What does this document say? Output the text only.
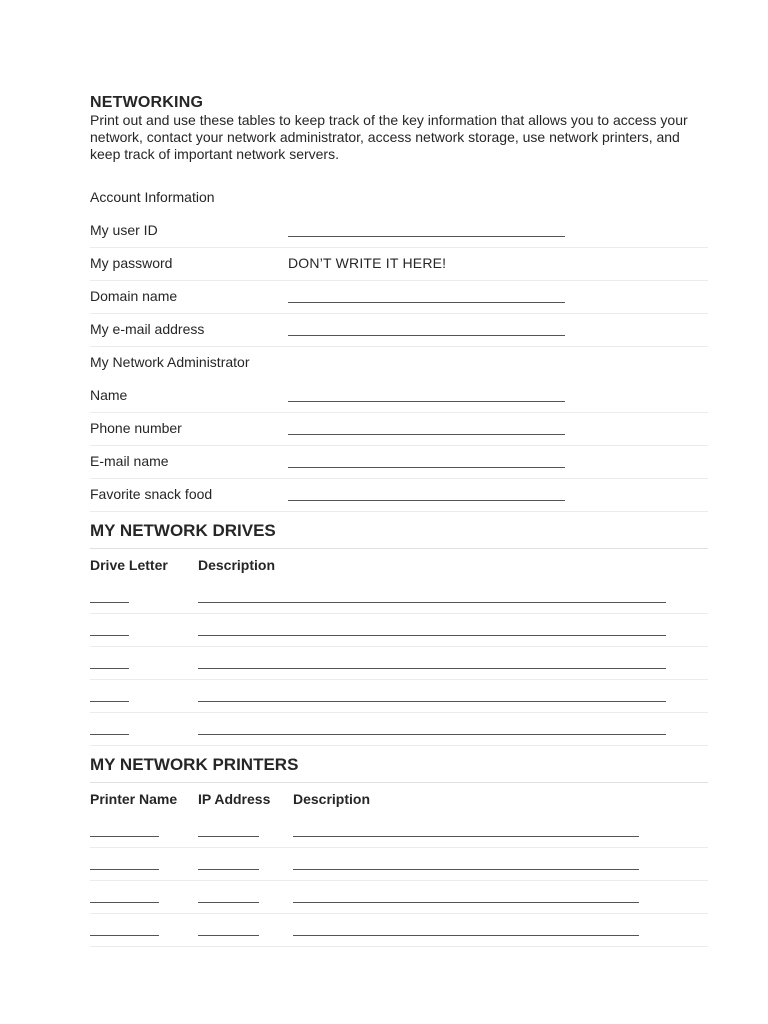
NETWORKING
Print out and use these tables to keep track of the key information that allows you to access your network, contact your network administrator, access network storage, use network printers, and keep track of important network servers.
Account Information
My user ID
My password	DON’T WRITE IT HERE!
Domain name
My e-mail address
My Network Administrator
Name
Phone number
E-mail name
Favorite snack food
MY NETWORK DRIVES
Drive Letter Description
MY NETWORK PRINTERS
Printer Name IP Address Description
